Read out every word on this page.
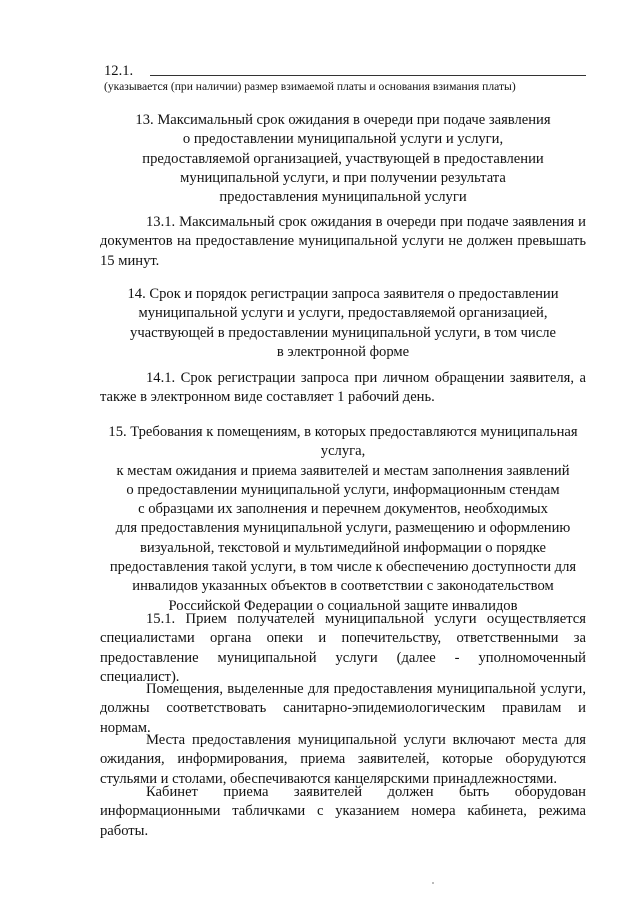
12.1.
(указывается (при наличии) размер взимаемой платы и основания взимания платы)
13. Максимальный срок ожидания в очереди при подаче заявления
о предоставлении муниципальной услуги и услуги,
предоставляемой организацией, участвующей в предоставлении
муниципальной услуги, и при получении результата
предоставления муниципальной услуги
13.1. Максимальный срок ожидания в очереди при подаче заявления и документов на предоставление муниципальной услуги не должен превышать 15 минут.
14. Срок и порядок регистрации запроса заявителя о предоставлении
муниципальной услуги и услуги, предоставляемой организацией,
участвующей в предоставлении муниципальной услуги, в том числе
в электронной форме
14.1. Срок регистрации запроса при личном обращении заявителя, а также в электронном виде составляет 1 рабочий день.
15. Требования к помещениям, в которых предоставляются муниципальная
услуга,
к местам ожидания и приема заявителей и местам заполнения заявлений
о предоставлении муниципальной услуги, информационным стендам
с образцами их заполнения и перечнем документов, необходимых
для предоставления муниципальной услуги, размещению и оформлению
визуальной, текстовой и мультимедийной информации о порядке
предоставления такой услуги, в том числе к обеспечению доступности для
инвалидов указанных объектов в соответствии с законодательством
Российской Федерации о социальной защите инвалидов
15.1. Прием получателей муниципальной услуги осуществляется специалистами органа опеки и попечительству, ответственными за предоставление муниципальной услуги (далее - уполномоченный специалист).
Помещения, выделенные для предоставления муниципальной услуги, должны соответствовать санитарно-эпидемиологическим правилам и нормам.
Места предоставления муниципальной услуги включают места для ожидания, информирования, приема заявителей, которые оборудуются стульями и столами, обеспечиваются канцелярскими принадлежностями.
Кабинет приема заявителей должен быть оборудован информационными табличками с указанием номера кабинета, режима работы.
